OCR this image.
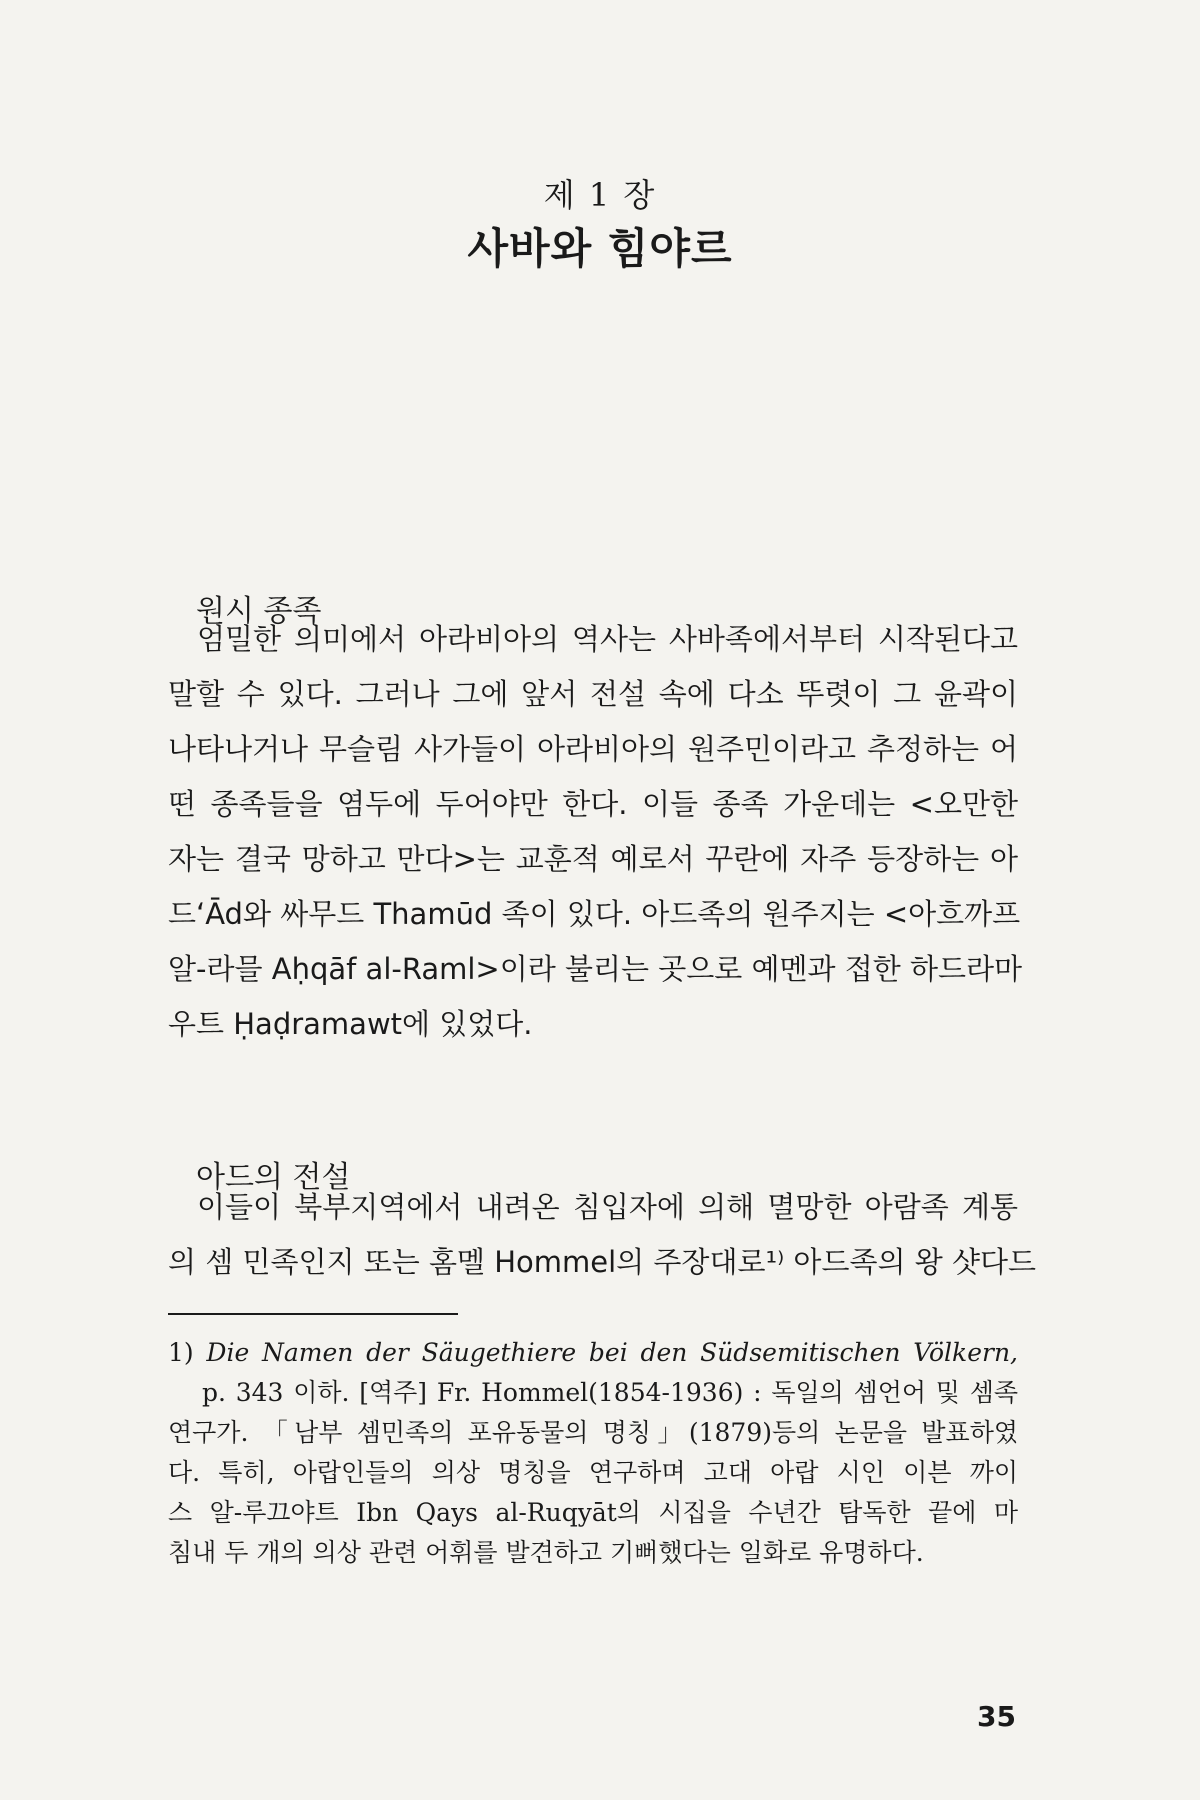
제 1 장
사바와 힘야르
원시 종족
엄밀한 의미에서 아라비아의 역사는 사바족에서부터 시작된다고
말할 수 있다. 그러나 그에 앞서 전설 속에 다소 뚜렷이 그 윤곽이
나타나거나 무슬림 사가들이 아라비아의 원주민이라고 추정하는 어
떤 종족들을 염두에 두어야만 한다. 이들 종족 가운데는 <오만한
자는 결국 망하고 만다>는 교훈적 예로서 꾸란에 자주 등장하는 아
드‘Ād와 싸무드 Thamūd 족이 있다. 아드족의 원주지는 <아흐까프
알-라믈 Aḥqāf al-Raml>이라 불리는 곳으로 예멘과 접한 하드라마
우트 Ḥaḍramawt에 있었다.
아드의 전설
이들이 북부지역에서 내려온 침입자에 의해 멸망한 아람족 계통
의 셈 민족인지 또는 홈멜 Hommel의 주장대로¹⁾ 아드족의 왕 샷다드
1) Die Namen der Säugethiere bei den Südsemitischen Völkern,
p. 343 이하. [역주] Fr. Hommel(1854-1936) : 독일의 셈언어 및 셈족
연구가. 「남부 셈민족의 포유동물의 명칭」(1879)등의 논문을 발표하였
다. 특히, 아랍인들의 의상 명칭을 연구하며 고대 아랍 시인 이븐 까이
스 알-루끄야트 Ibn Qays al-Ruqyāt의 시집을 수년간 탐독한 끝에 마
침내 두 개의 의상 관련 어휘를 발견하고 기뻐했다는 일화로 유명하다.
35
